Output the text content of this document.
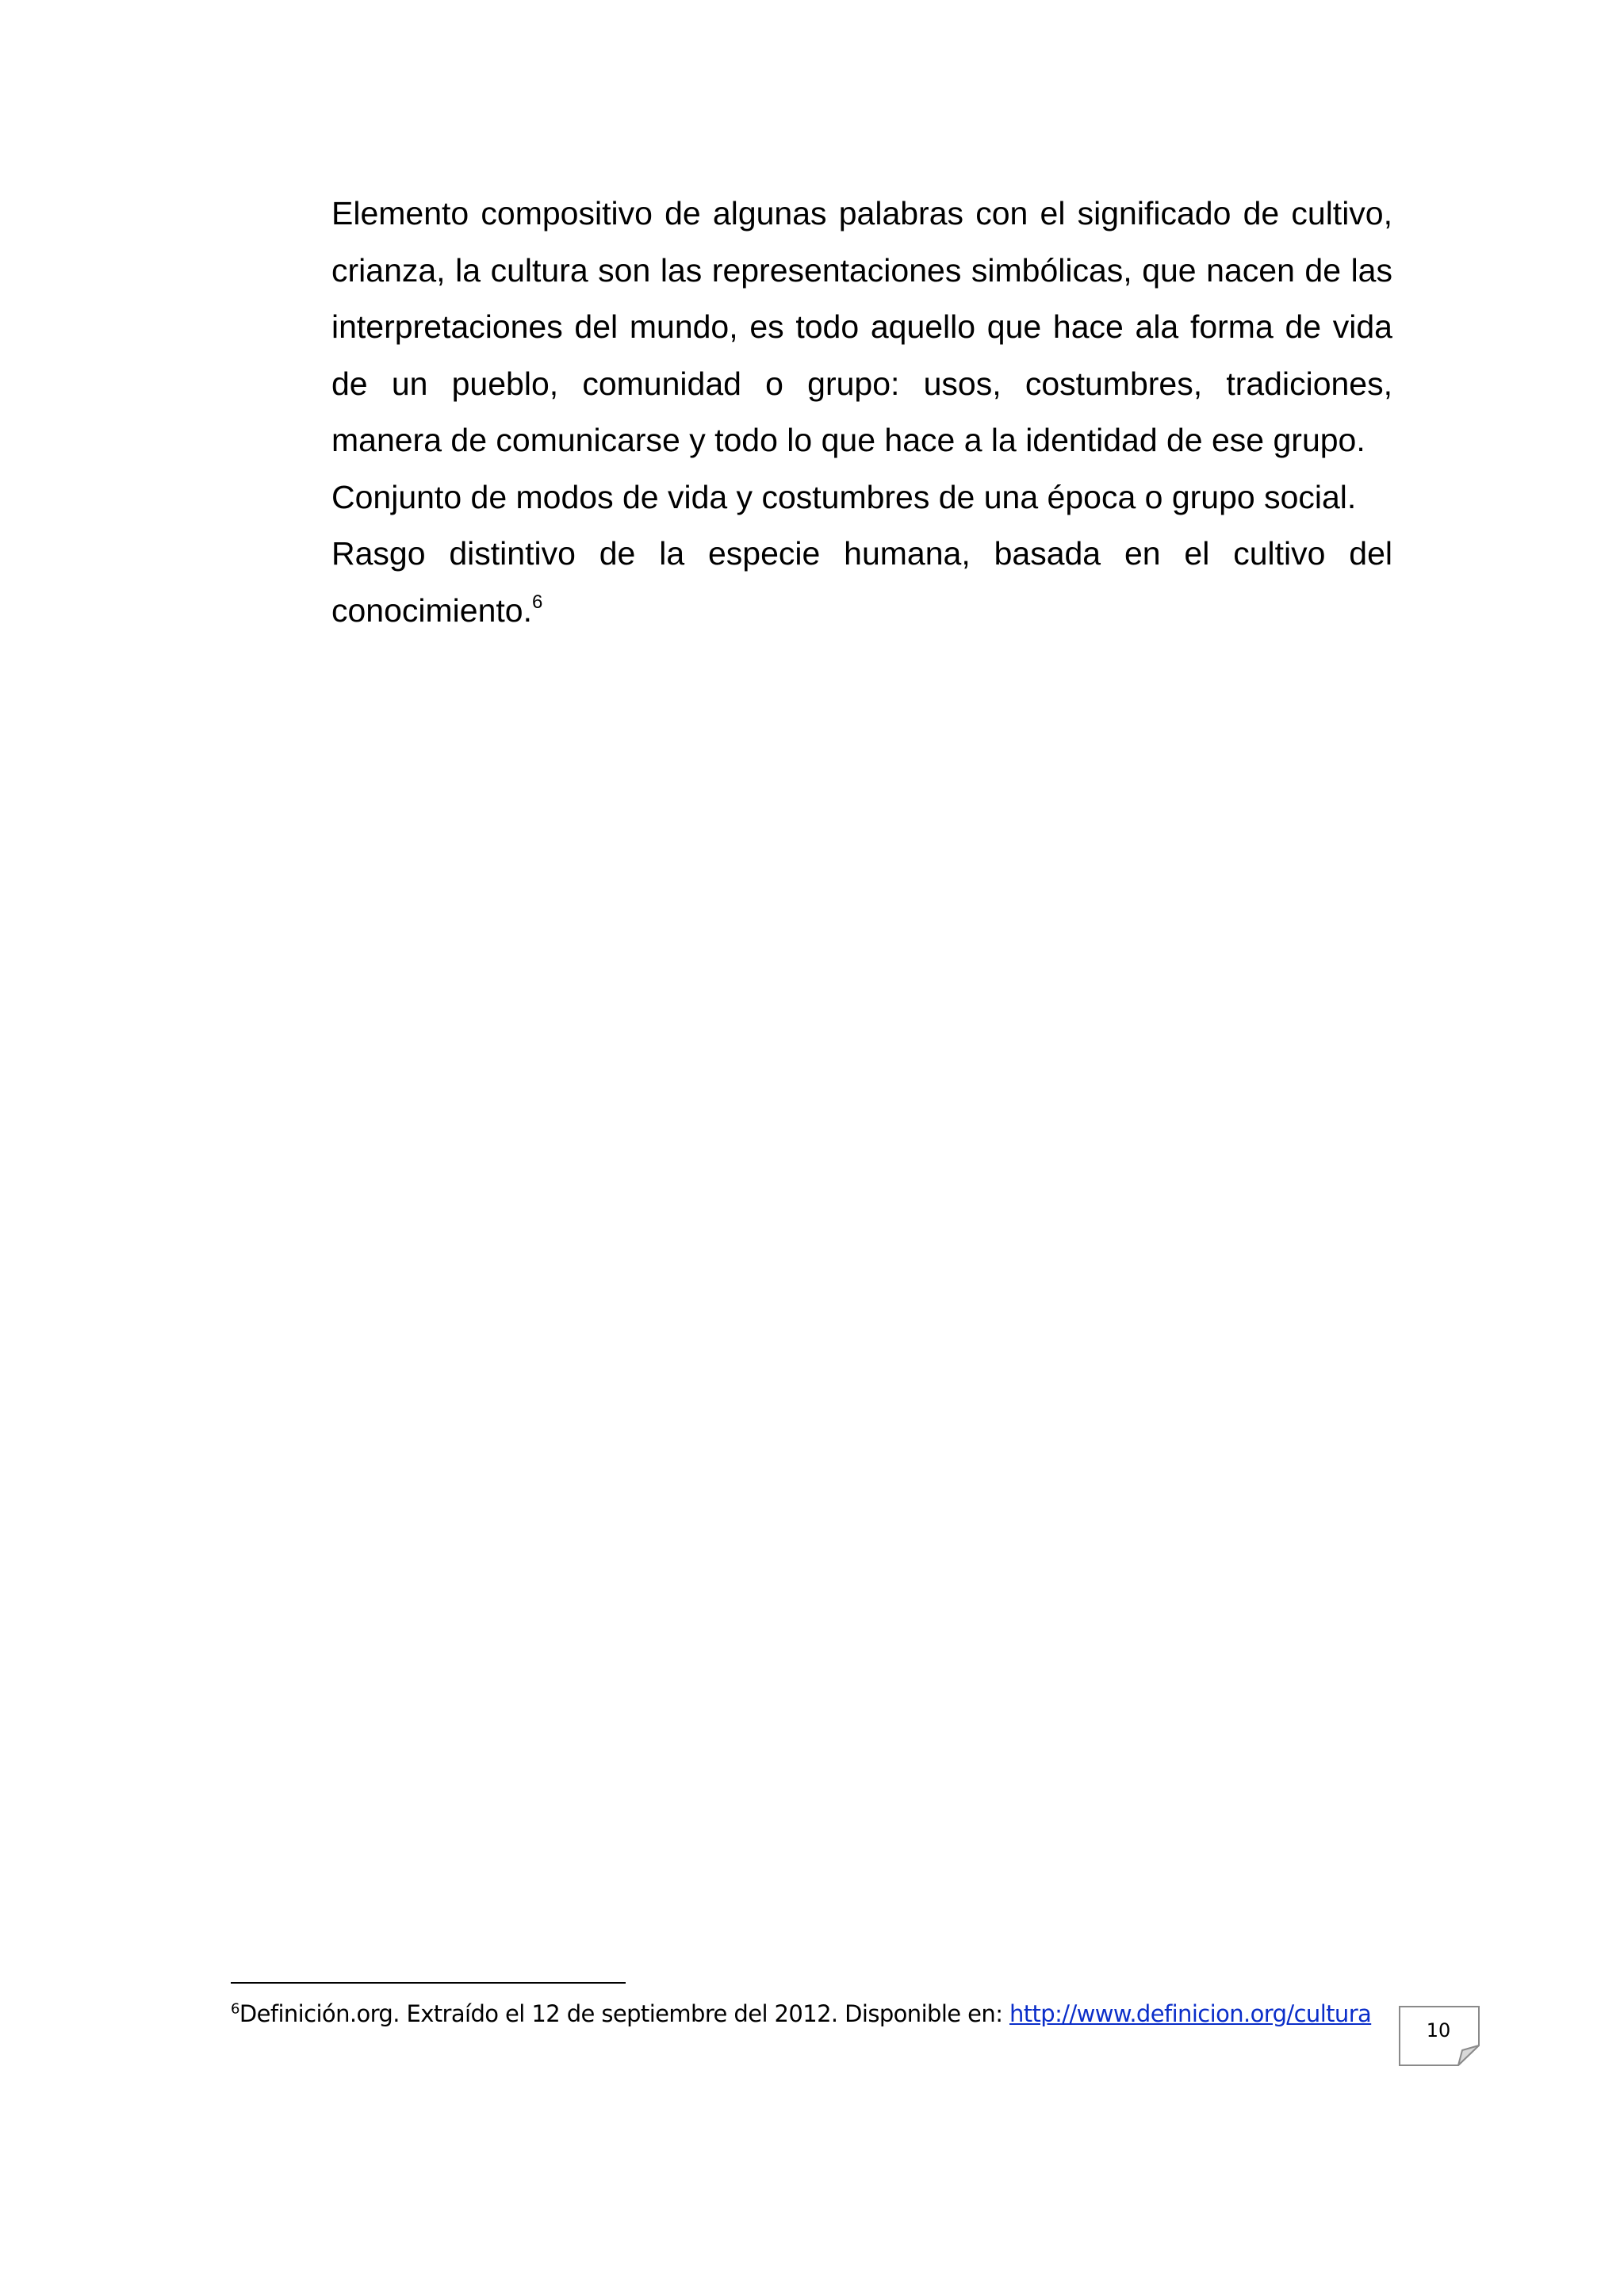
Elemento compositivo de algunas palabras con el significado de cultivo,
crianza, la cultura son las representaciones simbólicas, que nacen de las
interpretaciones del mundo, es todo aquello que hace ala forma de vida
de un pueblo, comunidad o grupo: usos, costumbres, tradiciones,
manera de comunicarse y todo lo que hace a la identidad de ese grupo.
Conjunto de modos de vida y costumbres de una época o grupo social.
Rasgo distintivo de la especie humana, basada en el cultivo del
conocimiento.$^6$
$^6$Definición.org. Extraído el 12 de septiembre del 2012. Disponible en: http://www.definicion.org/cultura
10
